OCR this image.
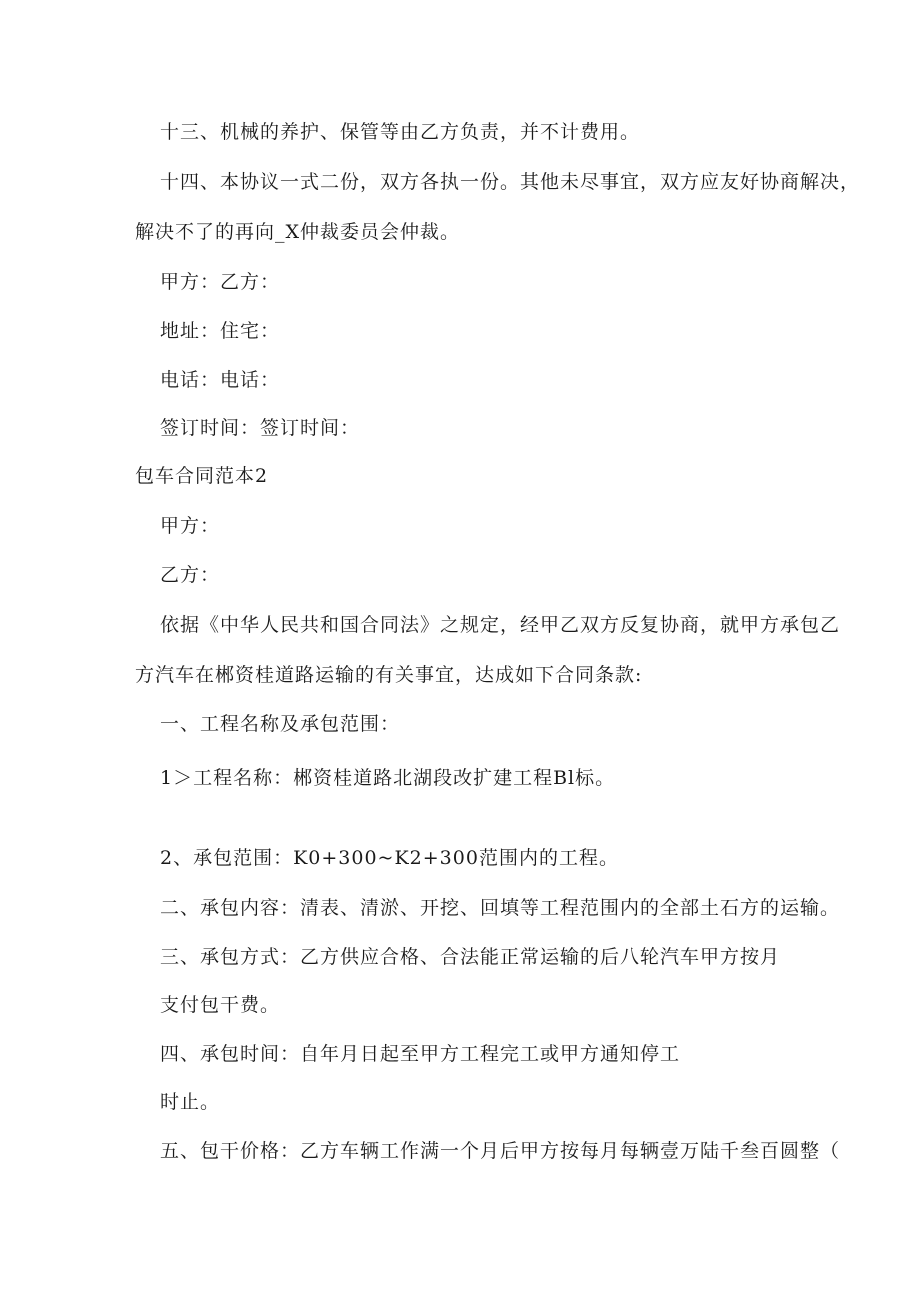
十三、机械的养护、保管等由乙方负责，并不计费用。
十四、本协议一式二份，双方各执一份。其他未尽事宜，双方应友好协商解决，
解决不了的再向_X仲裁委员会仲裁。
甲方：乙方：
地址：住宅：
电话：电话：
签订时间：签订时间：
包车合同范本2
甲方：
乙方：
依据《中华人民共和国合同法》之规定，经甲乙双方反复协商，就甲方承包乙
方汽车在郴资桂道路运输的有关事宜，达成如下合同条款:
一、工程名称及承包范围：
1＞工程名称：郴资桂道路北湖段改扩建工程Bl标。
2、承包范围：K0+300~K2+300范围内的工程。
二、承包内容：清表、清淤、开挖、回填等工程范围内的全部土石方的运输。
三、承包方式：乙方供应合格、合法能正常运输的后八轮汽车甲方按月
支付包干费。
四、承包时间：自年月日起至甲方工程完工或甲方通知停工
时止。
五、包干价格：乙方车辆工作满一个月后甲方按每月每辆壹万陆千叁百圆整（
